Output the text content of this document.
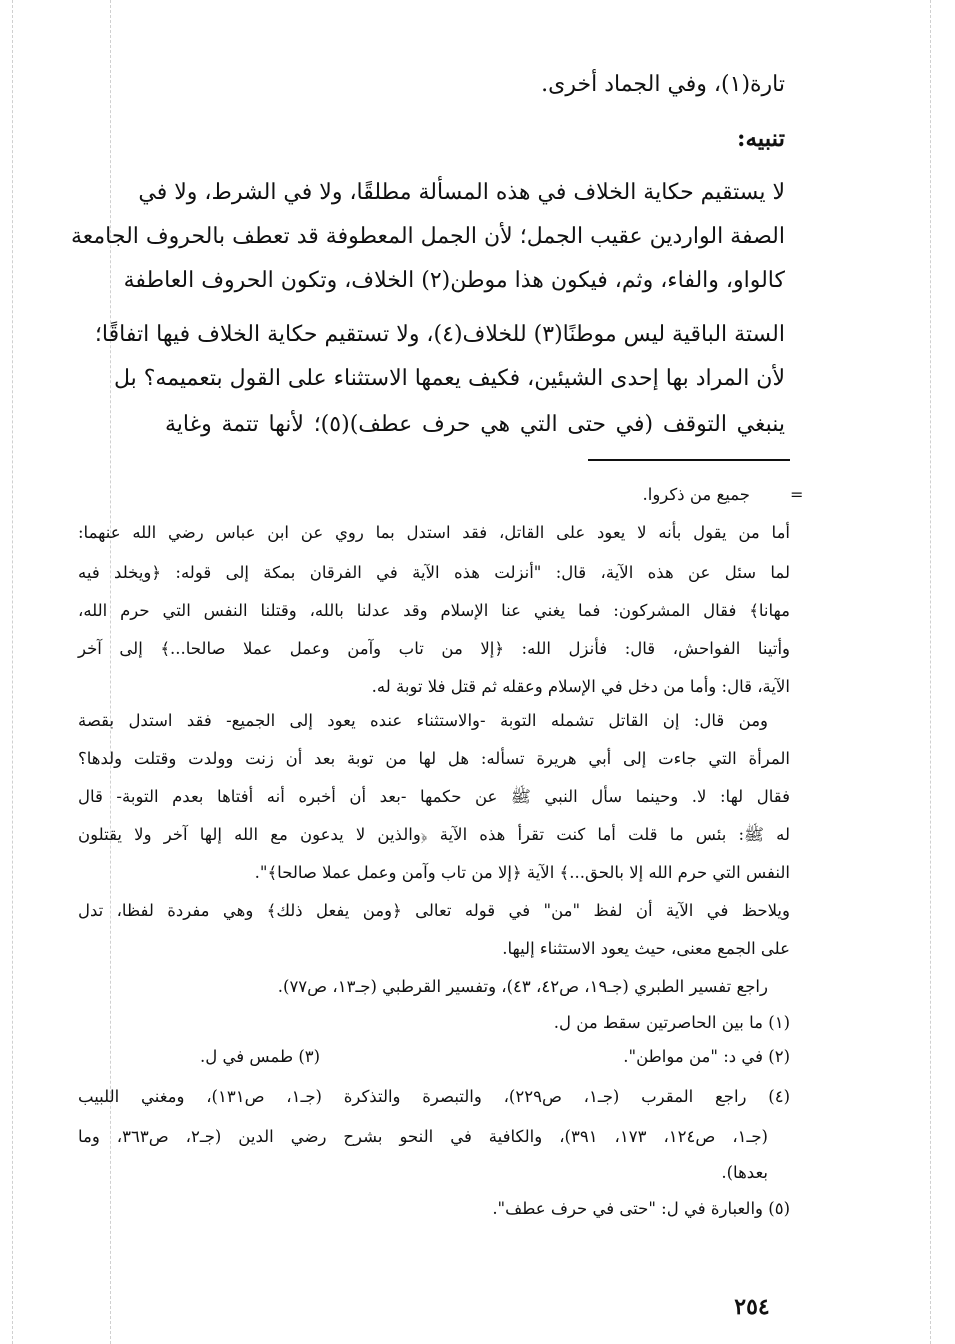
تارة(١)، وفي الجماد أخرى.
تنبيه:
لا يستقيم حكاية الخلاف في هذه المسألة مطلقًا، ولا في الشرط، ولا في
الصفة الواردين عقيب الجمل؛ لأن الجمل المعطوفة قد تعطف بالحروف الجامعة
كالواو، والفاء، وثم، فيكون هذا موطن(٢) الخلاف، وتكون الحروف العاطفة
الستة الباقية ليس موطنًا(٣) للخلاف(٤)، ولا تستقيم حكاية الخلاف فيها اتفاقًا؛
لأن المراد بها إحدى الشيئين، فكيف يعمها الاستثناء على القول بتعميمه؟ بل
ينبغي التوقف (في حتى التي هي حرف عطف)(٥)؛ لأنها تتمة وغاية
=
جميع من ذكروا.
أما من يقول بأنه لا يعود على القاتل، فقد استدل بما روي عن ابن عباس رضي الله عنهما:
لما سئل عن هذه الآية، قال: "أنزلت هذه الآية في الفرقان بمكة إلى قوله: ﴿ويخلد فيه
مهانا﴾ فقال المشركون: فما يغني عنا الإسلام وقد عدلنا بالله، وقتلنا النفس التي حرم الله،
وأتينا الفواحش، قال: فأنزل الله: ﴿إلا من تاب وآمن وعمل عملا صالحا...﴾ إلى آخر
الآية، قال: وأما من دخل في الإسلام وعقله ثم قتل فلا توبة له.
ومن قال: إن القاتل تشمله التوبة -والاستثناء عنده يعود إلى الجميع- فقد استدل بقصة
المرأة التي جاءت إلى أبي هريرة تسأله: هل لها من توبة بعد أن زنت وولدت وقتلت ولدها؟
فقال لها: لا. وحينما سأل النبي ﷺ عن حكمها -بعد أن أخبره أنه أفتاها بعدم التوبة- قال
له ﷺ: بئس ما قلت أما كنت تقرأ هذه الآية ﴿والذين لا يدعون مع الله إلها آخر ولا يقتلون
النفس التي حرم الله إلا بالحق...﴾ الآية ﴿إلا من تاب وآمن وعمل عملا صالحا﴾".
ويلاحظ في الآية أن لفظ "من" في قوله تعالى ﴿ومن يفعل ذلك﴾ وهي مفردة لفظا، تدل
على الجمع معنى، حيث يعود الاستثناء إليها.
راجع تفسير الطبري (جـ١٩، ص٤٢، ٤٣)، وتفسير القرطبي (جـ١٣، ص٧٧).
(١) ما بين الحاصرتين سقط من ل.
(٢) في د: "من مواطن".
(٣) طمس في ل.
(٤) راجع المقرب (جـ١، ص٢٢٩)، والتبصرة والتذكرة (جـ١، ص١٣١)، ومغني اللبيب
(جـ١، ص١٢٤، ١٧٣، ٣٩١)، والكافية في النحو بشرح رضي الدين (جـ٢، ص٣٦٣، وما
بعدها).
(٥) والعبارة في ل: "حتى في حرف عطف".
٢٥٤
